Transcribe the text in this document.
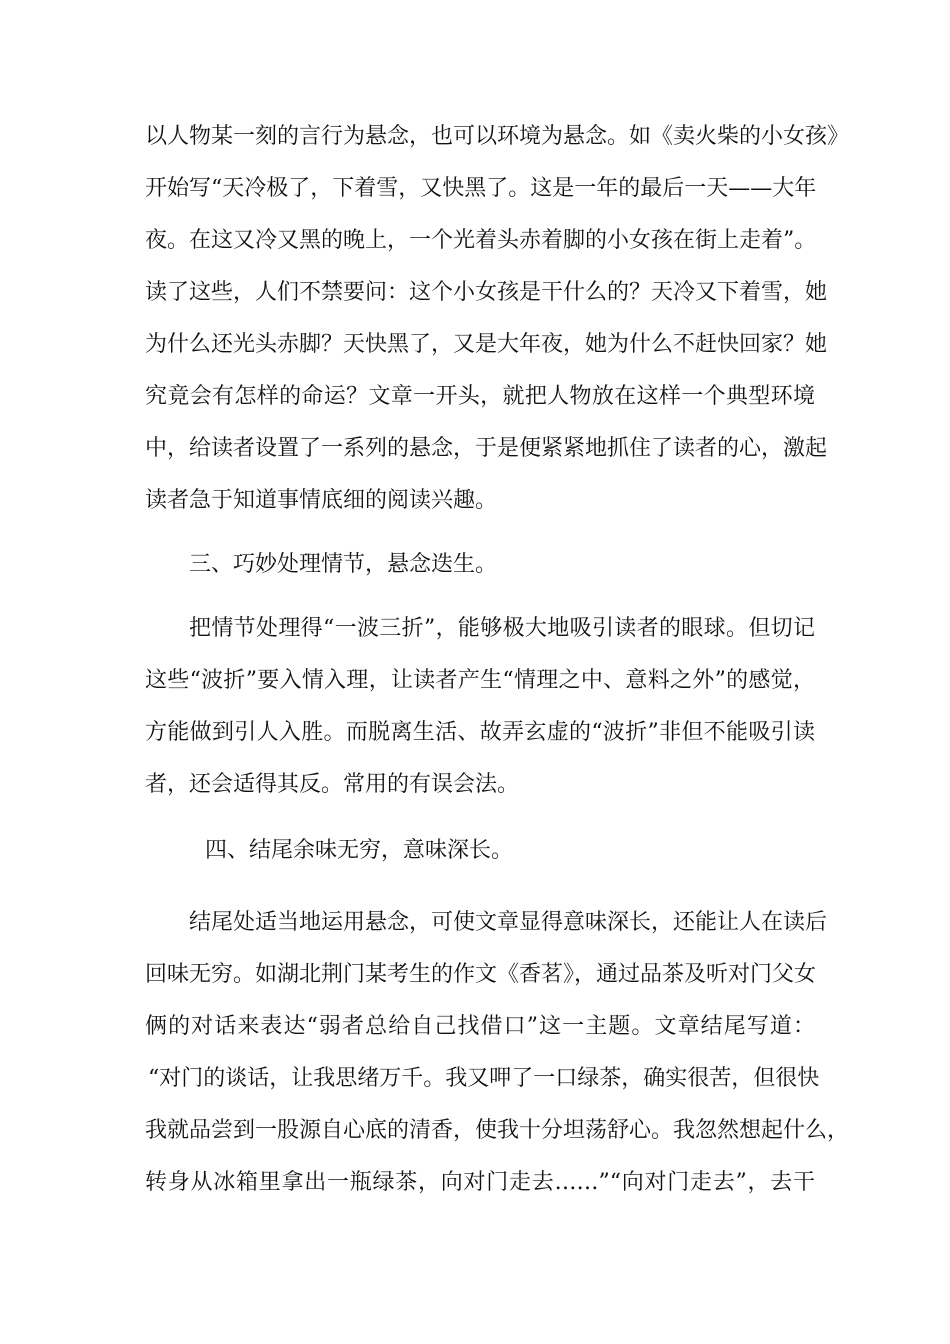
以人物某一刻的言行为悬念，也可以环境为悬念。如《卖火柴的小女孩》
开始写“天冷极了，下着雪，又快黑了。这是一年的最后一天——大年
夜。在这又冷又黑的晚上，一个光着头赤着脚的小女孩在街上走着”。
读了这些，人们不禁要问：这个小女孩是干什么的？天冷又下着雪，她
为什么还光头赤脚？天快黑了，又是大年夜，她为什么不赶快回家？她
究竟会有怎样的命运？文章一开头，就把人物放在这样一个典型环境
中，给读者设置了一系列的悬念，于是便紧紧地抓住了读者的心，激起
读者急于知道事情底细的阅读兴趣。
三、巧妙处理情节，悬念迭生。
把情节处理得“一波三折”，能够极大地吸引读者的眼球。但切记
这些“波折”要入情入理，让读者产生“情理之中、意料之外”的感觉，
方能做到引人入胜。而脱离生活、故弄玄虚的“波折”非但不能吸引读
者，还会适得其反。常用的有误会法。
四、结尾余味无穷，意味深长。
结尾处适当地运用悬念，可使文章显得意味深长，还能让人在读后
回味无穷。如湖北荆门某考生的作文《香茗》，通过品茶及听对门父女
俩的对话来表达“弱者总给自己找借口”这一主题。文章结尾写道：
“对门的谈话，让我思绪万千。我又呷了一口绿茶，确实很苦，但很快
我就品尝到一股源自心底的清香，使我十分坦荡舒心。我忽然想起什么，
转身从冰箱里拿出一瓶绿茶，向对门走去……”“向对门走去”，去干
